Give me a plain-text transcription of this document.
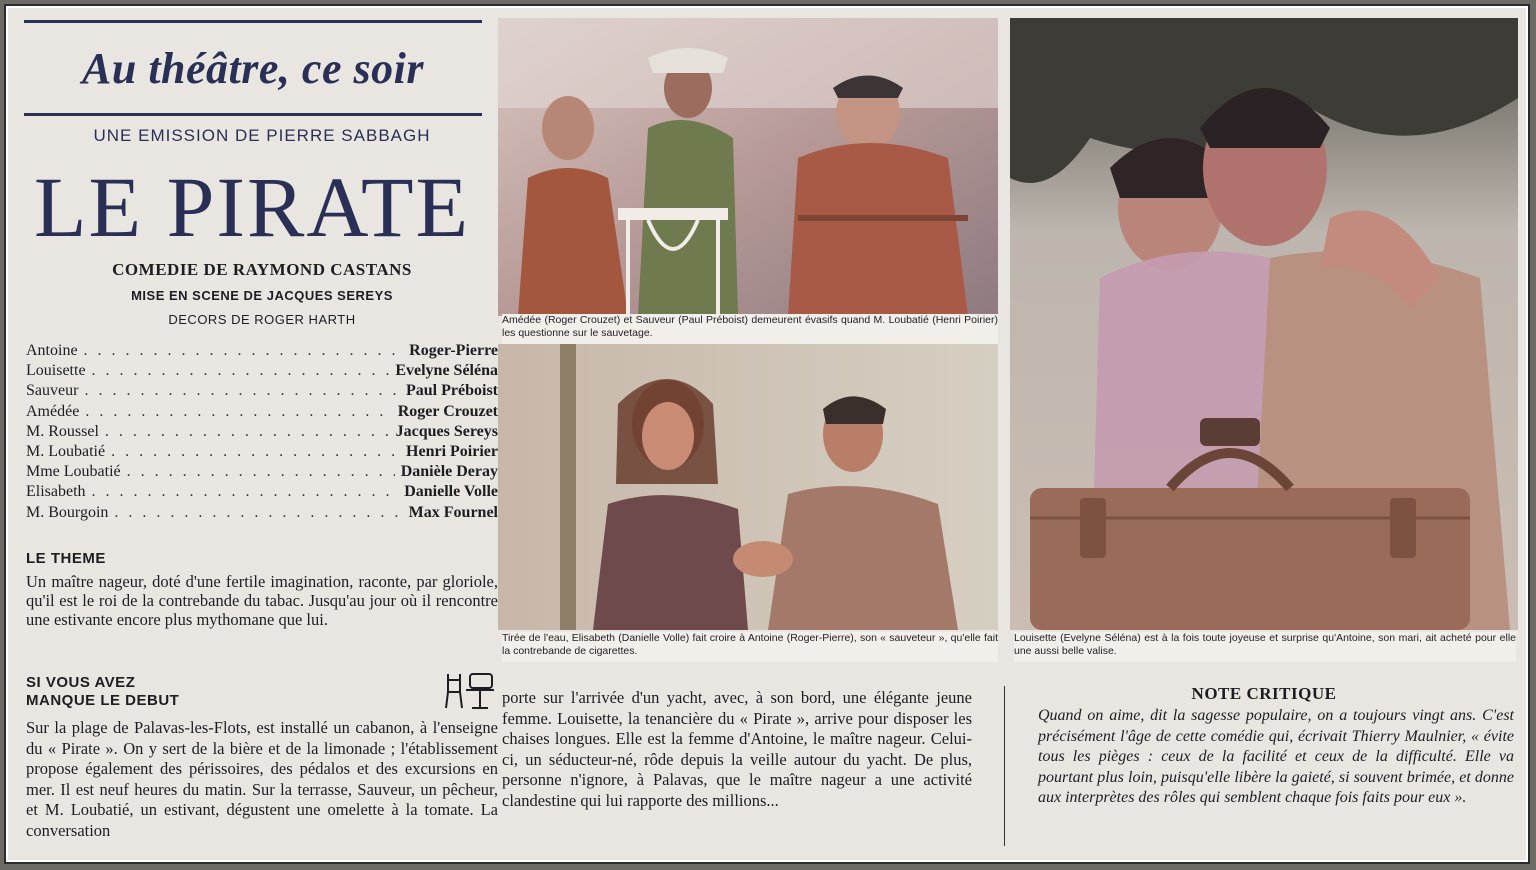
Au théâtre, ce soir
UNE EMISSION DE PIERRE SABBAGH
LE PIRATE
COMEDIE DE RAYMOND CASTANS
MISE EN SCENE DE JACQUES SEREYS
DECORS DE ROGER HARTH
Antoine . . .	Roger-Pierre
Louisette . . .	Evelyne Séléna
Sauveur . . .	Paul Préboist
Amédée . . .	Roger Crouzet
M. Roussel . . .	Jacques Sereys
M. Loubatié . . .	Henri Poirier
Mme Loubatié . . .	Danièle Deray
Elisabeth . . .	Danielle Volle
M. Bourgoin . . .	Max Fournel
LE THEME
Un maître nageur, doté d'une fertile imagination, raconte, par gloriole, qu'il est le roi de la contrebande du tabac. Jusqu'au jour où il rencontre une estivante encore plus mythomane que lui.
SI VOUS AVEZ
MANQUE LE DEBUT
Sur la plage de Palavas-les-Flots, est installé un cabanon, à l'enseigne du « Pirate ». On y sert de la bière et de la limonade ; l'établissement propose également des périssoires, des pédalos et des excursions en mer. Il est neuf heures du matin. Sur la terrasse, Sauveur, un pêcheur, et M. Loubatié, un estivant, dégustent une omelette à la tomate. La conversation
Amédée (Roger Crouzet) et Sauveur (Paul Préboist) demeurent évasifs quand M. Loubatié (Henri Poirier) les questionne sur le sauvetage.
Tirée de l'eau, Elisabeth (Danielle Volle) fait croire à Antoine (Roger-Pierre), son « sauveteur », qu'elle fait la contrebande de cigarettes.
Louisette (Evelyne Séléna) est à la fois toute joyeuse et surprise qu'Antoine, son mari, ait acheté pour elle une aussi belle valise.
porte sur l'arrivée d'un yacht, avec, à son bord, une élégante jeune femme. Louisette, la tenancière du « Pirate », arrive pour disposer les chaises longues. Elle est la femme d'Antoine, le maître nageur. Celui-ci, un séducteur-né, rôde depuis la veille autour du yacht. De plus, personne n'ignore, à Palavas, que le maître nageur a une activité clandestine qui lui rapporte des millions...
NOTE CRITIQUE
Quand on aime, dit la sagesse populaire, on a toujours vingt ans. C'est précisément l'âge de cette comédie qui, écrivait Thierry Maulnier, « évite tous les pièges : ceux de la facilité et ceux de la difficulté. Elle va pourtant plus loin, puisqu'elle libère la gaieté, si souvent brimée, et donne aux interprètes des rôles qui semblent chaque fois faits pour eux ».
